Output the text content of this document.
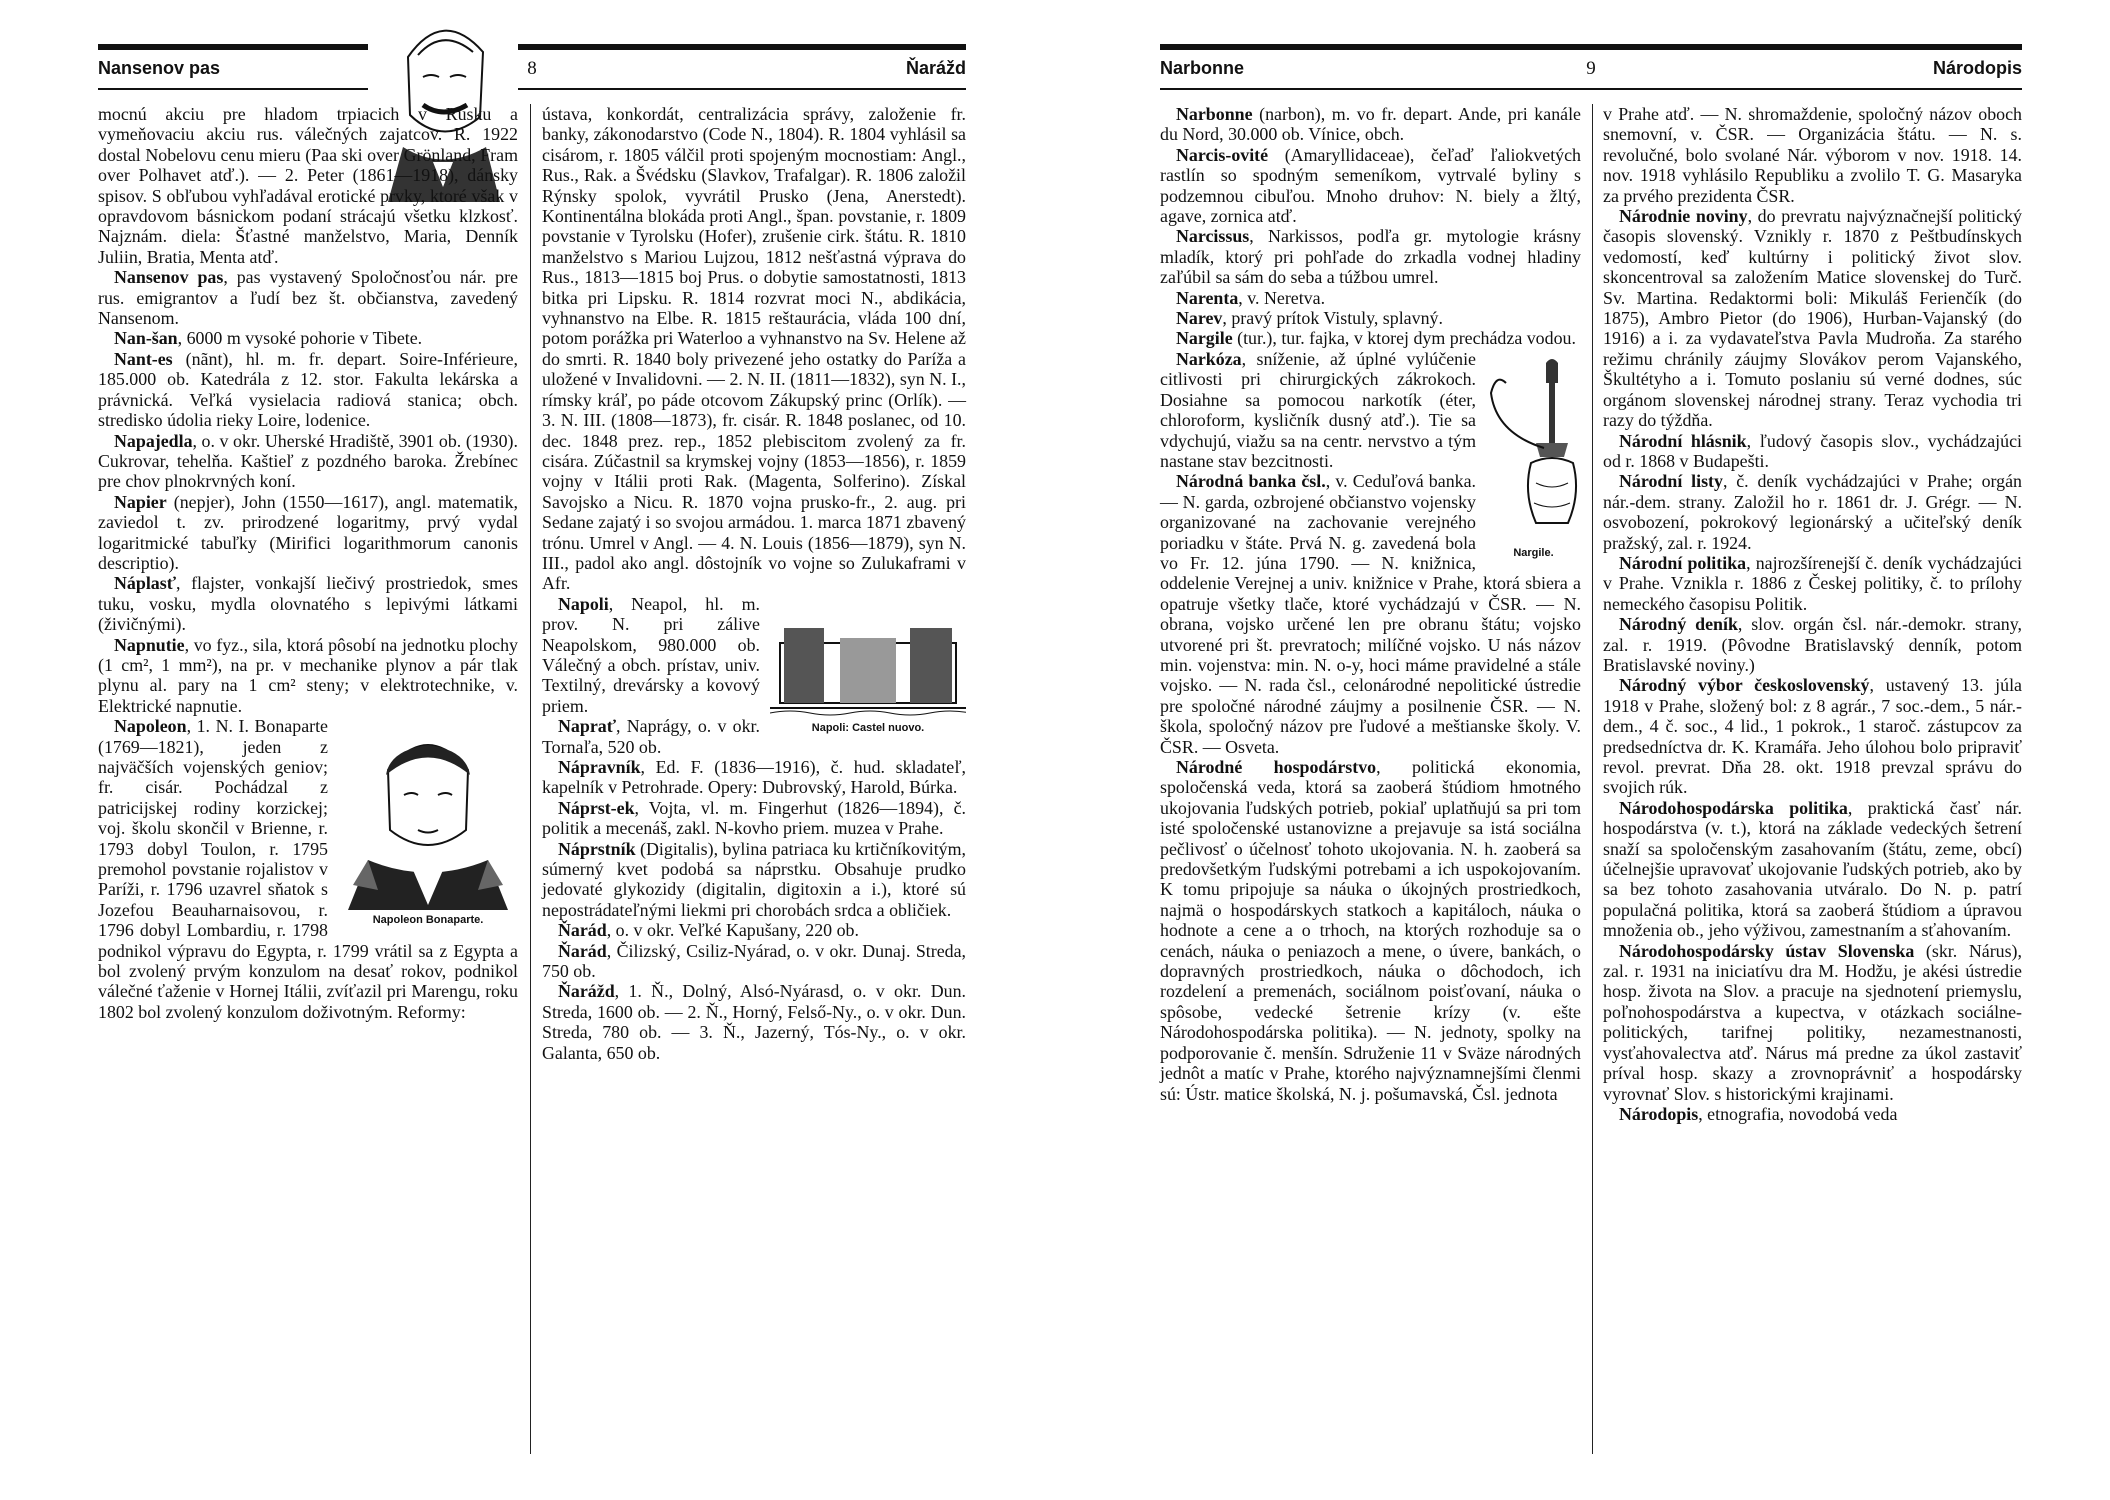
Nansenov pas	8	Ňarážd

mocnú akciu pre hladom trpiacich v Rusku a vymeňovaciu akciu rus. válečných zajatcov. R. 1922 dostal Nobelovu cenu mieru (Paa ski over Grönland, Fram over Polhavet atď.). — 2. Peter (1861—1918), dánsky spisov. S obľubou vyhľadával erotické prvky, ktoré však v opravdovom básnickom podaní strácajú všetku klzkosť. Najznám. diela: Šťastné manželstvo, Maria, Denník Juliin, Bratia, Menta atď.

Nansenov pas, pas vystavený Spoločnosťou nár. pre rus. emigrantov a ľudí bez št. občianstva, zavedený Nansenom.

Nan-šan, 6000 m vysoké pohorie v Tibete.

Nant-es (nãnt), hl. m. fr. depart. Soire-Inférieure, 185.000 ob. Katedrála z 12. stor. Fakulta lekárska a právnická. Veľká vysielacia radiová stanica; obch. stredisko údolia rieky Loire, lodenice.

Napajedla, o. v okr. Uherské Hradiště, 3901 ob. (1930). Cukrovar, tehelňa. Kaštieľ z pozdného baroka. Žrebínec pre chov plnokrvných koní.

Napier (nepjer), John (1550—1617), angl. matematik, zaviedol t. zv. prirodzené logaritmy, prvý vydal logaritmické tabuľky (Mirifici logarithmorum canonis descriptio).

Náplasť, flajster, vonkajší liečivý prostriedok, smes tuku, vosku, mydla olovnatého s lepivými látkami (živičnými).

Napnutie, vo fyz., sila, ktorá pôsobí na jednotku plochy (1 cm², 1 mm²), na pr. v mechanike plynov a pár tlak plynu al. pary na 1 cm² steny; v elektrotechnike, v. Elektrické napnutie.

Napoleon Bonaparte.

Napoleon, 1. N. I. Bonaparte (1769—1821), jeden z najväčších vojenských geniov; fr. cisár. Pochádzal z patricijskej rodiny korzickej; voj. školu skončil v Brienne, r. 1793 dobyl Toulon, r. 1795 premohol povstanie rojalistov v Paríži, r. 1796 uzavrel sňatok s Jozefou Beauharnaisovou, r. 1796 dobyl Lombardiu, r. 1798 podnikol výpravu do Egypta, r. 1799 vrátil sa z Egypta a bol zvolený prvým konzulom na desať rokov, podnikol válečné ťaženie v Hornej Itálii, zvíťazil pri Marengu, roku 1802 bol zvolený konzulom doživotným. Reformy:

ústava, konkordát, centralizácia správy, založenie fr. banky, zákonodarstvo (Code N., 1804). R. 1804 vyhlásil sa cisárom, r. 1805 válčil proti spojeným mocnostiam: Angl., Rus., Rak. a Švédsku (Slavkov, Trafalgar). R. 1806 založil Rýnsky spolok, vyvrátil Prusko (Jena, Anerstedt). Kontinentálna blokáda proti Angl., špan. povstanie, r. 1809 povstanie v Tyrolsku (Hofer), zrušenie cirk. štátu. R. 1810 manželstvo s Mariou Lujzou, 1812 nešťastná výprava do Rus., 1813—1815 boj Prus. o dobytie samostatnosti, 1813 bitka pri Lipsku. R. 1814 rozvrat moci N., abdikácia, vyhnanstvo na Elbe. R. 1815 reštaurácia, vláda 100 dní, potom porážka pri Waterloo a vyhnanstvo na Sv. Helene až do smrti. R. 1840 boly privezené jeho ostatky do Paríža a uložené v Invalidovni. — 2. N. II. (1811—1832), syn N. I., rímsky kráľ, po páde otcovom Zákupský princ (Orlík). — 3. N. III. (1808—1873), fr. cisár. R. 1848 poslanec, od 10. dec. 1848 prez. rep., 1852 plebiscitom zvolený za fr. cisára. Zúčastnil sa krymskej vojny (1853—1856), r. 1859 vojny v Itálii proti Rak. (Magenta, Solferino). Získal Savojsko a Nicu. R. 1870 vojna prusko-fr., 2. aug. pri Sedane zajatý i so svojou armádou. 1. marca 1871 zbavený trónu. Umrel v Angl. — 4. N. Louis (1856—1879), syn N. III., padol ako angl. dôstojník vo vojne so Zulukaframi v Afr.

Napoli: Castel nuovo.

Napoli, Neapol, hl. m. prov. N. pri zálive Neapolskom, 980.000 ob. Válečný a obch. prístav, univ. Textilný, drevársky a kovový priem.

Naprať, Naprágy, o. v okr. Tornaľa, 520 ob.

Nápravník, Ed. F. (1836—1916), č. hud. skladateľ, kapelník v Petrohrade. Opery: Dubrovský, Harold, Búrka.

Náprst-ek, Vojta, vl. m. Fingerhut (1826—1894), č. politik a mecenáš, zakl. N-kovho priem. muzea v Prahe.

Náprstník (Digitalis), bylina patriaca ku krtičníkovitým, súmerný kvet podobá sa náprstku. Obsahuje prudko jedovaté glykozidy (digitalin, digitoxin a i.), ktoré sú nepostrádateľnými liekmi pri chorobách srdca a obličiek.

Ňarád, o. v okr. Veľké Kapušany, 220 ob.

Ňarád, Čilizský, Csiliz-Nyárad, o. v okr. Dunaj. Streda, 750 ob.

Ňarážd, 1. Ň., Dolný, Alsó-Nyárasd, o. v okr. Dun. Streda, 1600 ob. — 2. Ň., Horný, Felső-Ny., o. v okr. Dun. Streda, 780 ob. — 3. Ň., Jazerný, Tós-Ny., o. v okr. Galanta, 650 ob.

Narbonne	9	Národopis

Narbonne (narbon), m. vo fr. depart. Ande, pri kanále du Nord, 30.000 ob. Vínice, obch.

Narcis-ovité (Amaryllidaceae), čeľaď ľaliokvetých rastlín so spodným semeníkom, vytrvalé byliny s podzemnou cibuľou. Mnoho druhov: N. biely a žltý, agave, zornica atď.

Narcissus, Narkissos, podľa gr. mytologie krásny mladík, ktorý pri pohľade do zrkadla vodnej hladiny zaľúbil sa sám do seba a túžbou umrel.

Narenta, v. Neretva.

Narev, pravý prítok Vistuly, splavný.

Nargile (tur.), tur. fajka, v ktorej dym prechádza vodou.

Nargile.

Narkóza, sníženie, až úplné vylúčenie citlivosti pri chirurgických zákrokoch. Dosiahne sa pomocou narkotík (éter, chloroform, kysličník dusný atď.). Tie sa vdychujú, viažu sa na centr. nervstvo a tým nastane stav bezcitnosti.

Národná banka čsl., v. Ceduľová banka. — N. garda, ozbrojené občianstvo vojensky organizované na zachovanie verejného poriadku v štáte. Prvá N. g. zavedená bola vo Fr. 12. júna 1790. — N. knižnica, oddelenie Verejnej a univ. knižnice v Prahe, ktorá sbiera a opatruje všetky tlače, ktoré vychádzajú v ČSR. — N. obrana, vojsko určené len pre obranu štátu; vojsko utvorené pri št. prevratoch; milíčné vojsko. U nás názov min. vojenstva: min. N. o-y, hoci máme pravidelné a stále vojsko. — N. rada čsl., celonárodné nepolitické ústredie pre spoločné národné záujmy a posilnenie ČSR. — N. škola, spoločný názov pre ľudové a meštianske školy. V. ČSR. — Osveta.

Národné hospodárstvo, politická ekonomia, spoločenská veda, ktorá sa zaoberá štúdiom hmotného ukojovania ľudských potrieb, pokiaľ uplatňujú sa pri tom isté spoločenské ustanovizne a prejavuje sa istá sociálna pečlivosť o účelnosť tohoto ukojovania. N. h. zaoberá sa predovšetkým ľudskými potrebami a ich uspokojovaním. K tomu pripojuje sa náuka o úkojných prostriedkoch, najmä o hospodárskych statkoch a kapitáloch, náuka o hodnote a cene a o trhoch, na ktorých rozhoduje sa o cenách, náuka o peniazoch a mene, o úvere, bankách, o dopravných prostriedkoch, náuka o dôchodoch, ich rozdelení a premenách, sociálnom poisťovaní, náuka o spôsobe, vedecké šetrenie krízy (v. ešte Národohospodárska politika). — N. jednoty, spolky na podporovanie č. menšín. Sdruženie 11 v Sväze národných jednôt a matíc v Prahe, ktorého najvýznamnejšími členmi sú: Ústr. matice školská, N. j. pošumavská, Čsl. jednota

v Prahe atď. — N. shromaždenie, spoločný názov oboch snemovní, v. ČSR. — Organizácia štátu. — N. s. revolučné, bolo svolané Nár. výborom v nov. 1918. 14. nov. 1918 vyhlásilo Republiku a zvolilo T. G. Masaryka za prvého prezidenta ČSR.

Národnie noviny, do prevratu najvýznačnejší politický časopis slovenský. Vznikly r. 1870 z Peštbudínskych vedomostí, keď kultúrny i politický život slov. skoncentroval sa založením Matice slovenskej do Turč. Sv. Martina. Redaktormi boli: Mikuláš Ferienčík (do 1875), Ambro Pietor (do 1906), Hurban-Vajanský (do 1916) a i. za vydavateľstva Pavla Mudroňa. Za starého režimu chránily záujmy Slovákov perom Vajanského, Škultétyho a i. Tomuto poslaniu sú verné dodnes, súc orgánom slovenskej národnej strany. Teraz vychodia tri razy do týždňa.

Národní hlásnik, ľudový časopis slov., vychádzajúci od r. 1868 v Budapešti.

Národní listy, č. deník vychádzajúci v Prahe; orgán nár.-dem. strany. Založil ho r. 1861 dr. J. Grégr. — N. osvobození, pokrokový legionárský a učiteľský deník pražský, zal. r. 1924.

Národní politika, najrozšírenejší č. deník vychádzajúci v Prahe. Vznikla r. 1886 z Českej politiky, č. to prílohy nemeckého časopisu Politik.

Národný deník, slov. orgán čsl. nár.-demokr. strany, zal. r. 1919. (Pôvodne Bratislavský denník, potom Bratislavské noviny.)

Národný výbor československý, ustavený 13. júla 1918 v Prahe, složený bol: z 8 agrár., 7 soc.-dem., 5 nár.-dem., 4 č. soc., 4 lid., 1 pokrok., 1 staroč. zástupcov za predsedníctva dr. K. Kramářa. Jeho úlohou bolo pripraviť revol. prevrat. Dňa 28. okt. 1918 prevzal správu do svojich rúk.

Národohospodárska politika, praktická časť nár. hospodárstva (v. t.), ktorá na základe vedeckých šetrení snaží sa spoločenským zasahovaním (štátu, zeme, obcí) účelnejšie upravovať ukojovanie ľudských potrieb, ako by sa bez tohoto zasahovania utváralo. Do N. p. patrí populačná politika, ktorá sa zaoberá štúdiom a úpravou množenia ob., jeho výživou, zamestnaním a sťahovaním.

Národohospodársky ústav Slovenska (skr. Nárus), zal. r. 1931 na iniciatívu dra M. Hodžu, je akési ústredie hosp. života na Slov. a pracuje na sjednotení priemyslu, poľnohospodárstva a kupectva, v otázkach sociálne-politických, tarifnej politiky, nezamestnanosti, vysťahovalectva atď. Nárus má predne za úkol zastaviť príval hosp. skazy a zrovnoprávniť a hospodársky vyrovnať Slov. s historickými krajinami.

Národopis, etnografia, novodobá veda
